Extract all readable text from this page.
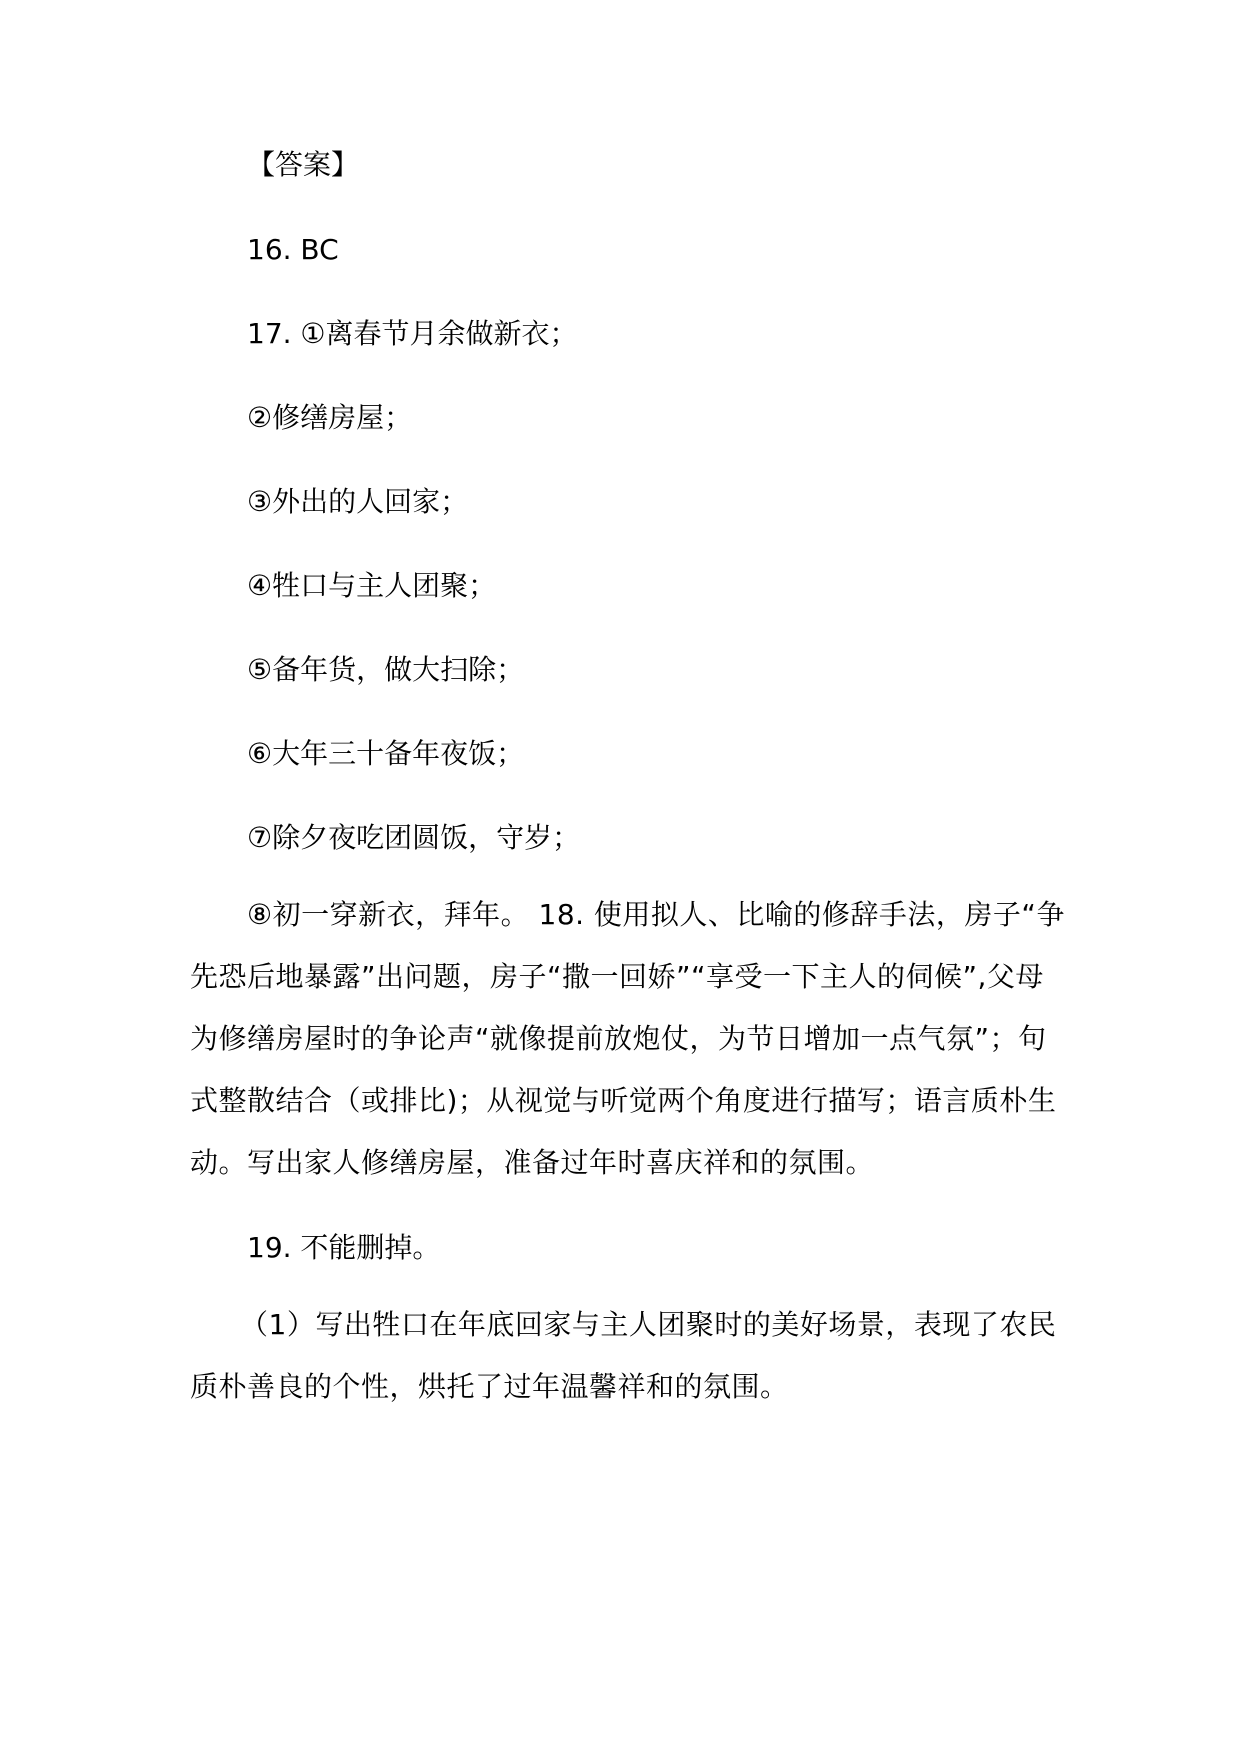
【答案】
16. BC
17. ①离春节月余做新衣；
②修缮房屋；
③外出的人回家；
④牲口与主人团聚；
⑤备年货，做大扫除；
⑥大年三十备年夜饭；
⑦除夕夜吃团圆饭，守岁；
⑧初一穿新衣，拜年。 18. 使用拟人、比喻的修辞手法，房子“争先恐后地暴露”出问题，房子“撒一回娇”“享受一下主人的伺候”,父母为修缮房屋时的争论声“就像提前放炮仗，为节日增加一点气氛”；句式整散结合（或排比)；从视觉与听觉两个角度进行描写；语言质朴生动。写出家人修缮房屋，准备过年时喜庆祥和的氛围。
19. 不能删掉。
（1）写出牲口在年底回家与主人团聚时的美好场景，表现了农民质朴善良的个性，烘托了过年温馨祥和的氛围。
